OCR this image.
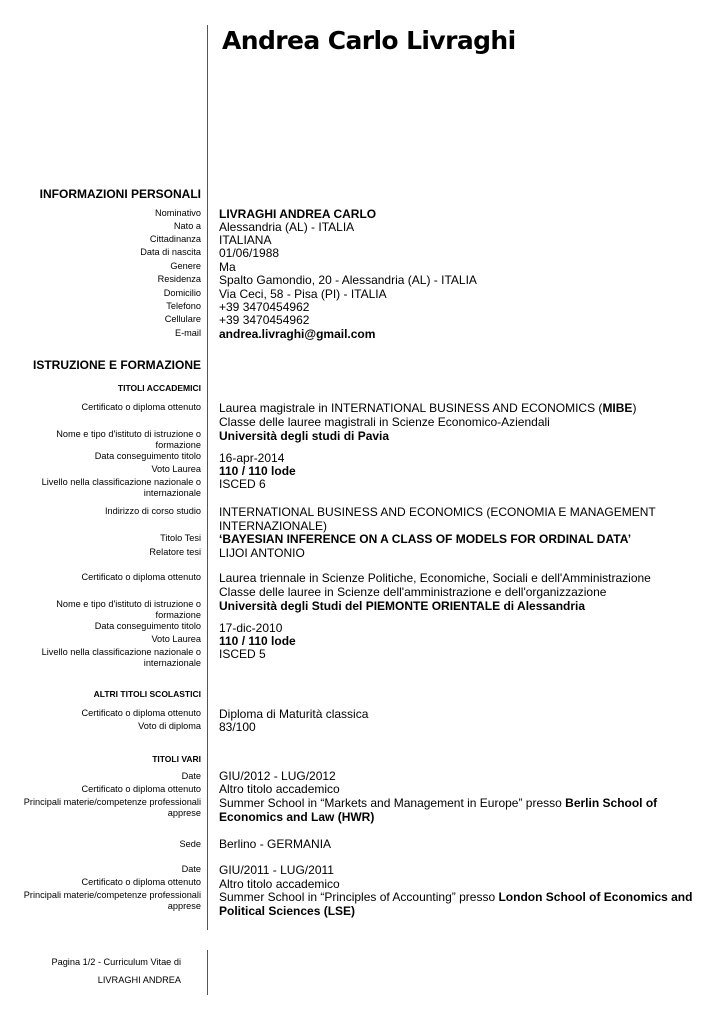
Andrea Carlo Livraghi
INFORMAZIONI PERSONALI
Nominativo LIVRAGHI ANDREA CARLO
Nato a Alessandria (AL) - ITALIA
Cittadinanza ITALIANA
Data di nascita 01/06/1988
Genere Ma
Residenza Spalto Gamondio, 20 - Alessandria (AL) - ITALIA
Domicilio Via Ceci, 58 - Pisa (PI) - ITALIA
Telefono +39 3470454962
Cellulare +39 3470454962
E-mail andrea.livraghi@gmail.com
ISTRUZIONE E FORMAZIONE
TITOLI ACCADEMICI
Certificato o diploma ottenuto Laurea magistrale in INTERNATIONAL BUSINESS AND ECONOMICS (MIBE)
Classe delle lauree magistrali in Scienze Economico-Aziendali
Nome e tipo d'istituto di istruzione o formazione
Università degli studi di Pavia
Data conseguimento titolo 16-apr-2014
Voto Laurea 110 / 110 lode
Livello nella classificazione nazionale o internazionale
ISCED 6
Indirizzo di corso studio INTERNATIONAL BUSINESS AND ECONOMICS (ECONOMIA E MANAGEMENT INTERNAZIONALE)
Titolo Tesi ‘BAYESIAN INFERENCE ON A CLASS OF MODELS FOR ORDINAL DATA’
Relatore tesi LIJOI ANTONIO
Certificato o diploma ottenuto Laurea triennale in Scienze Politiche, Economiche, Sociali e dell'Amministrazione
Classe delle lauree in Scienze dell'amministrazione e dell'organizzazione
Nome e tipo d'istituto di istruzione o formazione
Università degli Studi del PIEMONTE ORIENTALE di Alessandria
Data conseguimento titolo 17-dic-2010
Voto Laurea 110 / 110 lode
Livello nella classificazione nazionale o internazionale
ISCED 5
ALTRI TITOLI SCOLASTICI
Certificato o diploma ottenuto Diploma di Maturità classica
Voto di diploma 83/100
TITOLI VARI
Date GIU/2012 - LUG/2012
Certificato o diploma ottenuto Altro titolo accademico
Principali materie/competenze professionali apprese
Summer School in “Markets and Management in Europe” presso Berlin School of Economics and Law (HWR)
Sede Berlino - GERMANIA
Date GIU/2011 - LUG/2011
Certificato o diploma ottenuto Altro titolo accademico
Principali materie/competenze professionali apprese
Summer School in “Principles of Accounting” presso London School of Economics and Political Sciences (LSE)
Pagina 1/2 - Curriculum Vitae di
LIVRAGHI ANDREA
